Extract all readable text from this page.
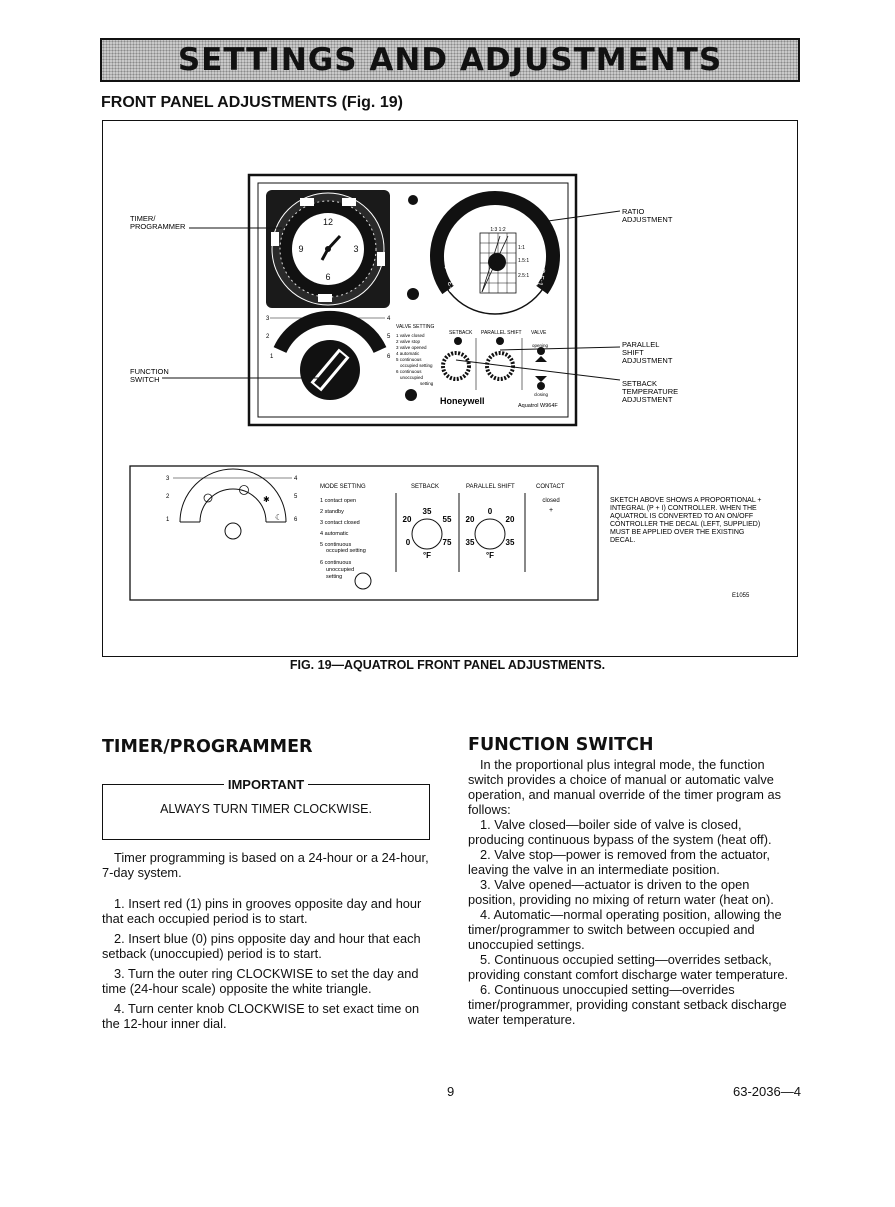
SETTINGS AND ADJUSTMENTS
FRONT PANEL ADJUSTMENTS (Fig. 19)
12
3
6
9
1.5:1
1:1
1:2
1:3
2.5:1
1:3 1:2
1:1
1.5:1
2.5:1
3	4
2	5
1	6
VALVE SETTING
1 valve closed
2 valve stop
3 valve opened
4 automatic
5 continuous
occupied setting
6 continuous
unoccupied
setting
SETBACK PARALLEL SHIFT VALVE
opening
closing
Honeywell	Aquatrol W964F
TIMER/
PROGRAMMER
FUNCTION
SWITCH
RATIO
ADJUSTMENT
PARALLEL
SHIFT
ADJUSTMENT
SETBACK
TEMPERATURE
ADJUSTMENT
3	4
2	5
1	6
✱
☾
MODE SETTING
1 contact open
2 standby
3 contact closed
4 automatic
5 continuous
occupied setting
6 continuous
unoccupied
setting
SETBACK	PARALLEL SHIFT	CONTACT
35
20	55
0	75
°F
0
20	20
35	35
°F
closed
+
SKETCH ABOVE SHOWS A PROPORTIONAL +
INTEGRAL (P + I) CONTROLLER. WHEN THE
AQUATROL IS CONVERTED TO AN ON/OFF
CONTROLLER THE DECAL (LEFT, SUPPLIED)
MUST BE APPLIED OVER THE EXISTING
DECAL.
E1055
FIG. 19—AQUATROL FRONT PANEL ADJUSTMENTS.
TIMER/PROGRAMMER
IMPORTANT
ALWAYS TURN TIMER CLOCKWISE.

Timer programming is based on a 24-hour or a 24-hour, 7-day system.

1. Insert red (1) pins in grooves opposite day and hour that each occupied period is to start.

2. Insert blue (0) pins opposite day and hour that each setback (unoccupied) period is to start.

3. Turn the outer ring CLOCKWISE to set the day and time (24-hour scale) opposite the white triangle.

4. Turn center knob CLOCKWISE to set exact time on the 12-hour inner dial.

FUNCTION SWITCH

In the proportional plus integral mode, the function switch provides a choice of manual or automatic valve operation, and manual override of the timer program as follows:

1. Valve closed—boiler side of valve is closed, producing continuous bypass of the system (heat off).

2. Valve stop—power is removed from the actuator, leaving the valve in an intermediate position.

3. Valve opened—actuator is driven to the open position, providing no mixing of return water (heat on).

4. Automatic—normal operating position, allowing the timer/programmer to switch between occupied and unoccupied settings.

5. Continuous occupied setting—overrides setback, providing constant comfort discharge water temperature.

6. Continuous unoccupied setting—overrides timer/programmer, providing constant setback discharge water temperature.

9	63-2036—4
